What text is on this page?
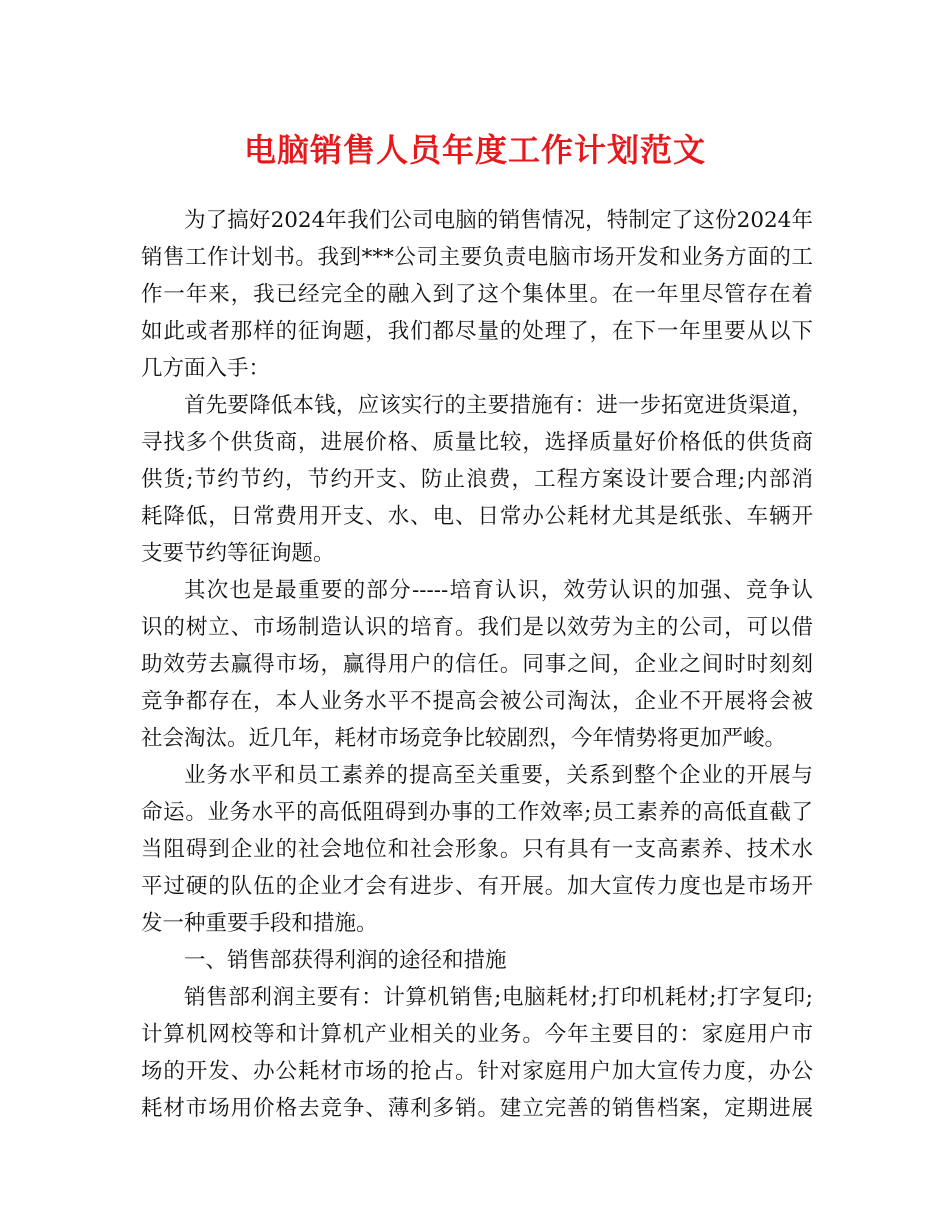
电脑销售人员年度工作计划范文
为了搞好2024年我们公司电脑的销售情况，特制定了这份2024年
销售工作计划书。我到***公司主要负责电脑市场开发和业务方面的工
作一年来，我已经完全的融入到了这个集体里。在一年里尽管存在着
如此或者那样的征询题，我们都尽量的处理了，在下一年里要从以下
几方面入手：
首先要降低本钱，应该实行的主要措施有：进一步拓宽进货渠道，
寻找多个供货商，进展价格、质量比较，选择质量好价格低的供货商
供货;节约节约，节约开支、防止浪费，工程方案设计要合理;内部消
耗降低，日常费用开支、水、电、日常办公耗材尤其是纸张、车辆开
支要节约等征询题。
其次也是最重要的部分-----培育认识，效劳认识的加强、竞争认
识的树立、市场制造认识的培育。我们是以效劳为主的公司，可以借
助效劳去赢得市场，赢得用户的信任。同事之间，企业之间时时刻刻
竞争都存在，本人业务水平不提高会被公司淘汰，企业不开展将会被
社会淘汰。近几年，耗材市场竞争比较剧烈，今年情势将更加严峻。
业务水平和员工素养的提高至关重要，关系到整个企业的开展与
命运。业务水平的高低阻碍到办事的工作效率;员工素养的高低直截了
当阻碍到企业的社会地位和社会形象。只有具有一支高素养、技术水
平过硬的队伍的企业才会有进步、有开展。加大宣传力度也是市场开
发一种重要手段和措施。
一、销售部获得利润的途径和措施
销售部利润主要有：计算机销售;电脑耗材;打印机耗材;打字复印;
计算机网校等和计算机产业相关的业务。今年主要目的：家庭用户市
场的开发、办公耗材市场的抢占。针对家庭用户加大宣传力度，办公
耗材市场用价格去竞争、薄利多销。建立完善的销售档案，定期进展
